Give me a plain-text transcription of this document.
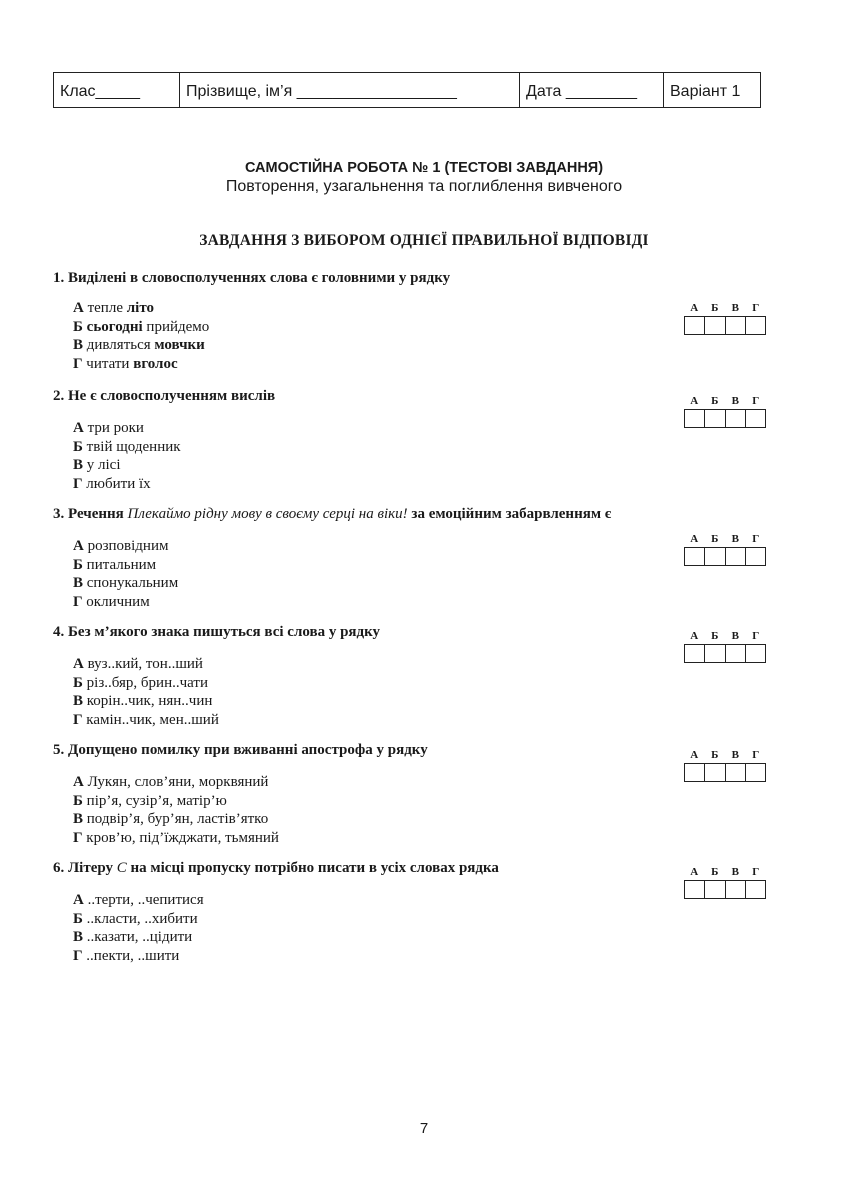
Клас_____	Прізвище, ім’я __________________	Дата ________	Варіант 1
САМОСТІЙНА РОБОТА № 1 (ТЕСТОВІ ЗАВДАННЯ)
Повторення, узагальнення та поглиблення вивченого
ЗАВДАННЯ З ВИБОРОМ ОДНІЄЇ ПРАВИЛЬНОЇ ВІДПОВІДІ

1. Виділені в словосполученнях слова є головними у рядку

А тепле літо
Б сьогодні прийдемо
В дивляться мовчки
Г читати вголос
А	Б	В	Г

2. Не є словосполученням вислів

А три роки
Б твій щоденник
В у лісі
Г любити їх
А	Б	В	Г

3. Речення Плекаймо рідну мову в своєму серці на віки! за емоційним забарвленням є

А розповідним
Б питальним
В спонукальним
Г окличним
А	Б	В	Г

4. Без м’якого знака пишуться всі слова у рядку

А вуз..кий, тон..ший
Б різ..бяр, брин..чати
В корін..чик, нян..чин
Г камін..чик, мен..ший
А	Б	В	Г

5. Допущено помилку при вживанні апострофа у рядку

А Лукян, слов’яни, морквяний
Б пір’я, сузір’я, матір’ю
В подвір’я, бур’ян, ластів’ятко
Г кров’ю, під’їжджати, тьмяний
А	Б	В	Г

6. Літеру С на місці пропуску потрібно писати в усіх словах рядка

А ..терти, ..чепитися
Б ..класти, ..хибити
В ..казати, ..цідити
Г ..пекти, ..шити
А	Б	В	Г
7
